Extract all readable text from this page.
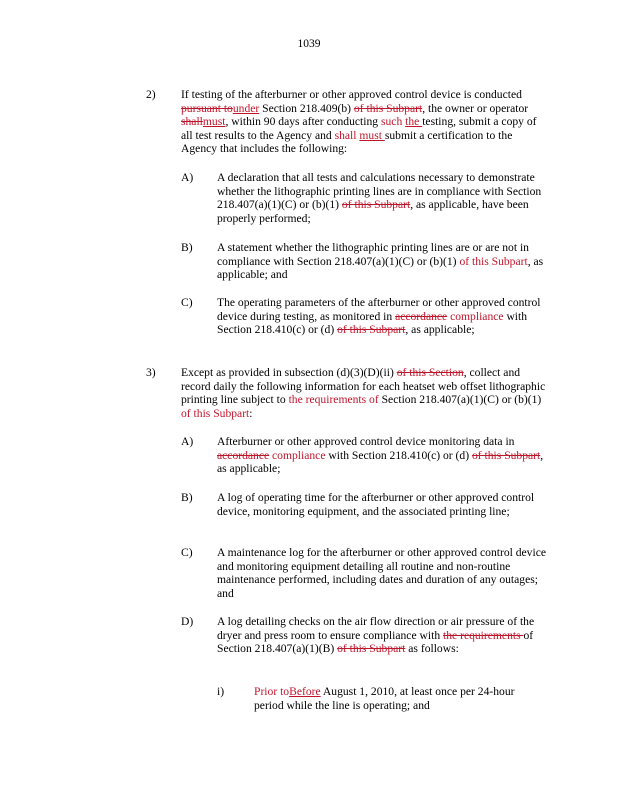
1039
2) If testing of the afterburner or other approved control device is conducted pursuant tounder Section 218.409(b) of this Subpart, the owner or operator shallmust, within 90 days after conducting such the testing, submit a copy of all test results to the Agency and shall must submit a certification to the Agency that includes the following:
A) A declaration that all tests and calculations necessary to demonstrate whether the lithographic printing lines are in compliance with Section 218.407(a)(1)(C) or (b)(1) of this Subpart, as applicable, have been properly performed;
B) A statement whether the lithographic printing lines are or are not in compliance with Section 218.407(a)(1)(C) or (b)(1) of this Subpart, as applicable; and
C) The operating parameters of the afterburner or other approved control device during testing, as monitored in accordance compliance with Section 218.410(c) or (d) of this Subpart, as applicable;
3) Except as provided in subsection (d)(3)(D)(ii) of this Section, collect and record daily the following information for each heatset web offset lithographic printing line subject to the requirements of Section 218.407(a)(1)(C) or (b)(1) of this Subpart:
A) Afterburner or other approved control device monitoring data in accordance compliance with Section 218.410(c) or (d) of this Subpart, as applicable;
B) A log of operating time for the afterburner or other approved control device, monitoring equipment, and the associated printing line;
C) A maintenance log for the afterburner or other approved control device and monitoring equipment detailing all routine and non-routine maintenance performed, including dates and duration of any outages; and
D) A log detailing checks on the air flow direction or air pressure of the dryer and press room to ensure compliance with the requirements of Section 218.407(a)(1)(B) of this Subpart as follows:
i)	Prior toBefore August 1, 2010, at least once per 24-hour period while the line is operating; and
